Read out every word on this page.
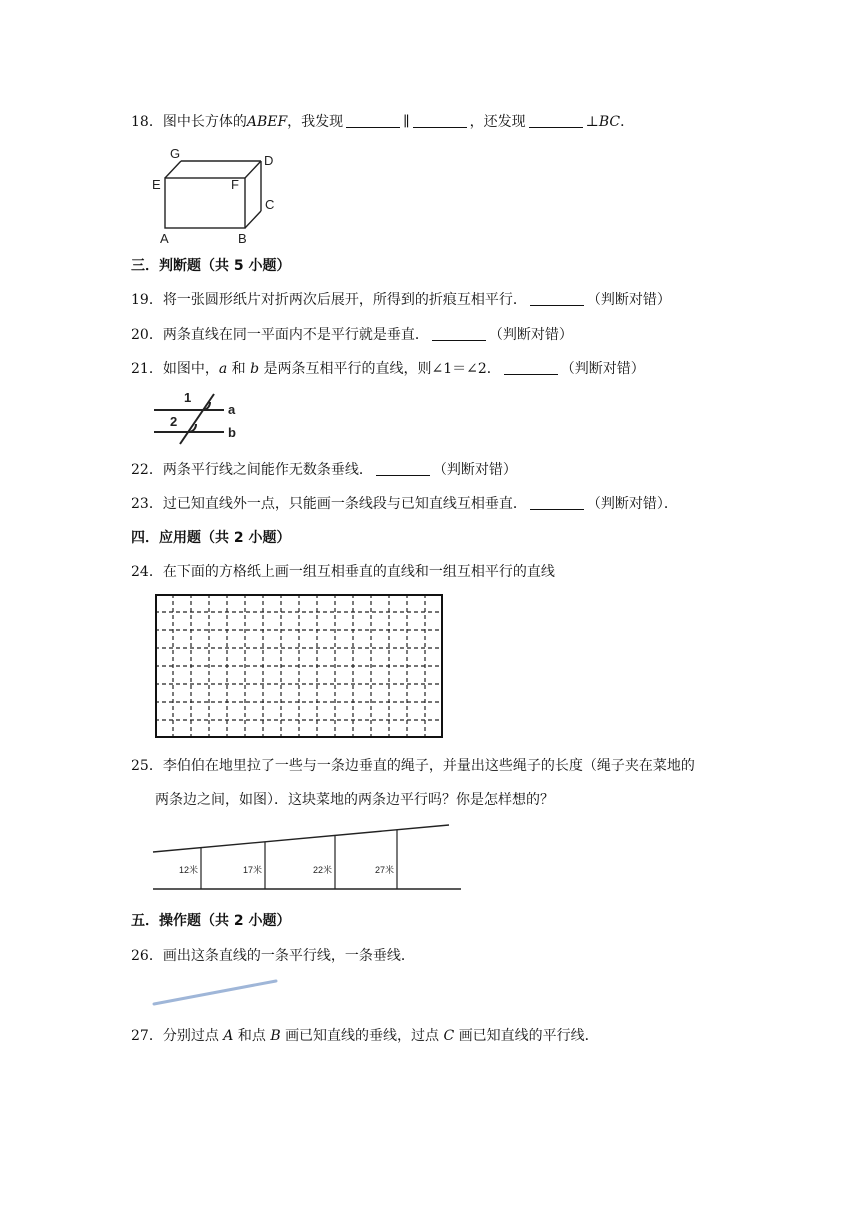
18．图中长方体的ABEF，我发现	∥	，还发现	⊥BC．
G	D
E	F
C
A	B
三．判断题（共 5 小题）
19．将一张圆形纸片对折两次后展开，所得到的折痕互相平行．	（判断对错）
20．两条直线在同一平面内不是平行就是垂直．	（判断对错）
21．如图中，a 和 b 是两条互相平行的直线，则∠1＝∠2．	（判断对错）
1
2
a
b
22．两条平行线之间能作无数条垂线．	（判断对错）
23．过已知直线外一点，只能画一条线段与已知直线互相垂直．	（判断对错）．
四．应用题（共 2 小题）
24．在下面的方格纸上画一组互相垂直的直线和一组互相平行的直线
25．李伯伯在地里拉了一些与一条边垂直的绳子，并量出这些绳子的长度（绳子夹在菜地的
两条边之间，如图）．这块菜地的两条边平行吗？你是怎样想的？
12米	17米	22米	27米
五．操作题（共 2 小题）
26．画出这条直线的一条平行线，一条垂线．
27．分别过点 A 和点 B 画已知直线的垂线，过点 C 画已知直线的平行线．
